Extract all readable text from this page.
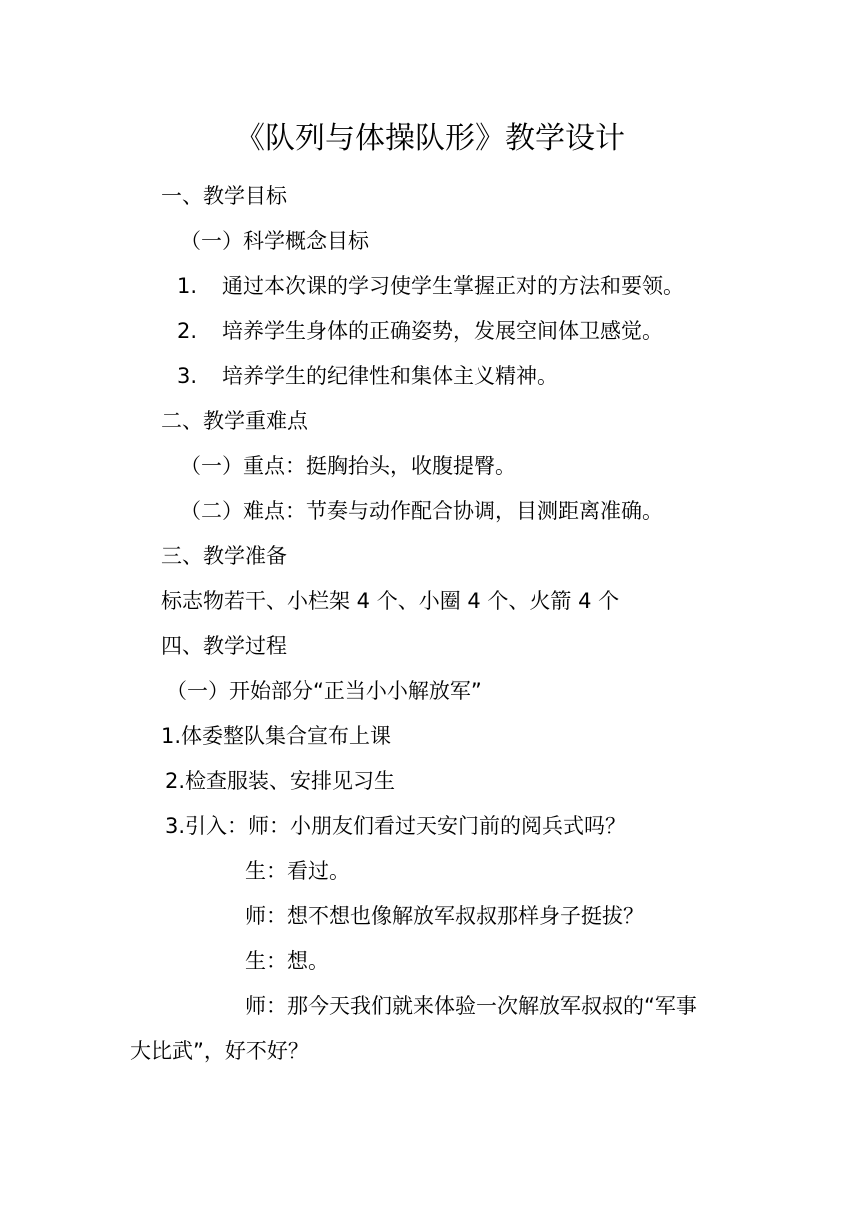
《队列与体操队形》教学设计
一、教学目标
（一）科学概念目标
1. 通过本次课的学习使学生掌握正对的方法和要领。
2. 培养学生身体的正确姿势，发展空间体卫感觉。
3. 培养学生的纪律性和集体主义精神。
二、教学重难点
（一）重点：挺胸抬头，收腹提臀。
（二）难点：节奏与动作配合协调，目测距离准确。
三、教学准备
标志物若干、小栏架 4 个、小圈 4 个、火箭 4 个
四、教学过程
（一）开始部分“正当小小解放军”
1.体委整队集合宣布上课
2.检查服装、安排见习生
3.引入：师：小朋友们看过天安门前的阅兵式吗？
生：看过。
师：想不想也像解放军叔叔那样身子挺拔？
生：想。
师：那今天我们就来体验一次解放军叔叔的“军事
大比武”，好不好？
